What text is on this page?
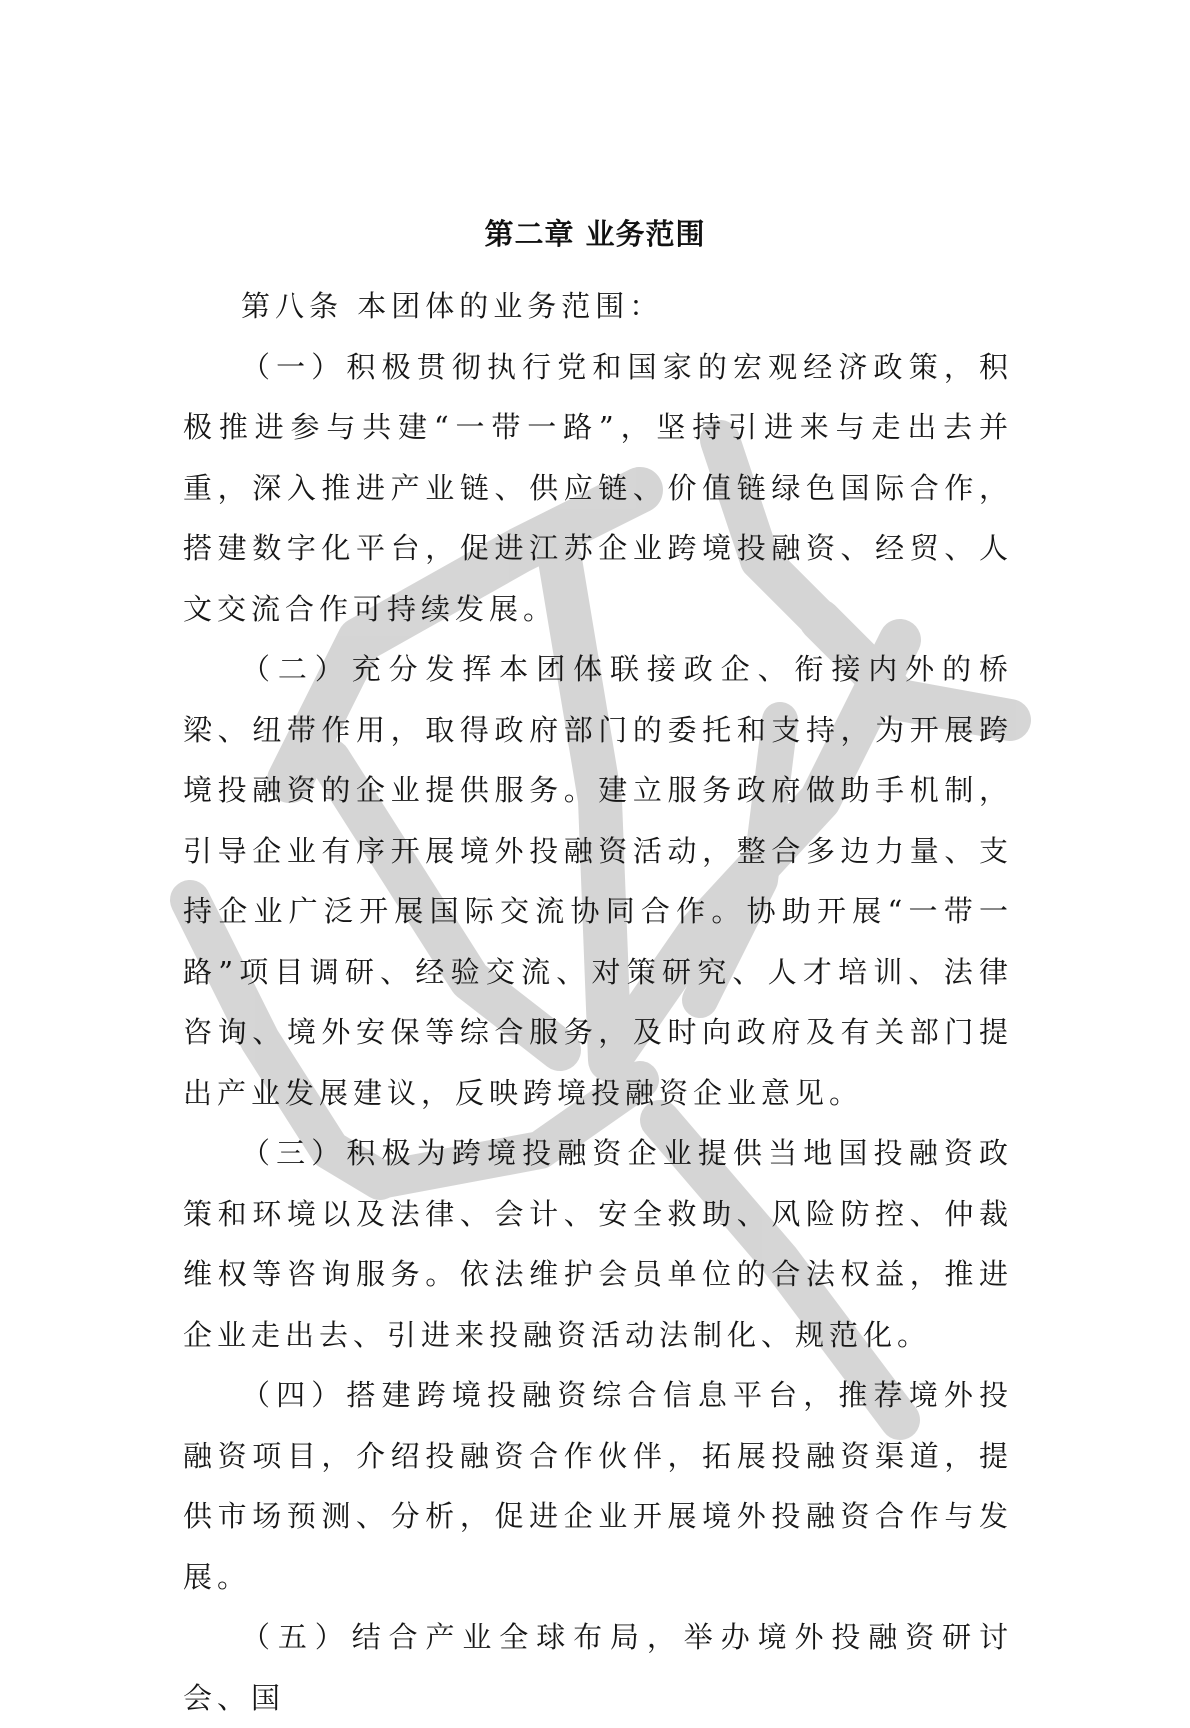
第二章 业务范围

第八条 本团体的业务范围：

（一）积极贯彻执行党和国家的宏观经济政策，积极推进参与共建“一带一路”，坚持引进来与走出去并重，深入推进产业链、供应链、价值链绿色国际合作，搭建数字化平台，促进江苏企业跨境投融资、经贸、人文交流合作可持续发展。

（二）充分发挥本团体联接政企、衔接内外的桥梁、纽带作用，取得政府部门的委托和支持，为开展跨境投融资的企业提供服务。建立服务政府做助手机制，引导企业有序开展境外投融资活动，整合多边力量、支持企业广泛开展国际交流协同合作。协助开展“一带一路”项目调研、经验交流、对策研究、人才培训、法律咨询、境外安保等综合服务，及时向政府及有关部门提出产业发展建议，反映跨境投融资企业意见。

（三）积极为跨境投融资企业提供当地国投融资政策和环境以及法律、会计、安全救助、风险防控、仲裁维权等咨询服务。依法维护会员单位的合法权益，推进企业走出去、引进来投融资活动法制化、规范化。

（四）搭建跨境投融资综合信息平台，推荐境外投融资项目，介绍投融资合作伙伴，拓展投融资渠道，提供市场预测、分析，促进企业开展境外投融资合作与发展。

（五）结合产业全球布局，举办境外投融资研讨会、国
